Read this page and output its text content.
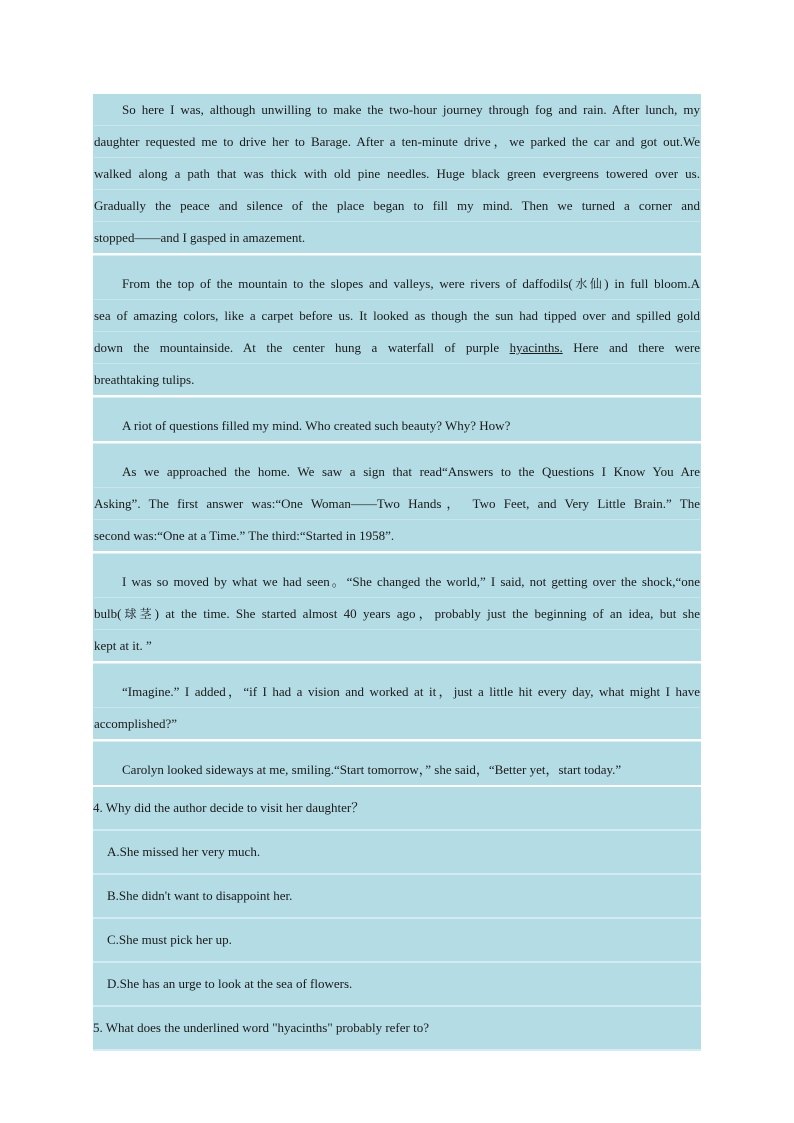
So here I was, although unwilling to make the two-hour journey through fog and rain. After lunch, my
daughter requested me to drive her to Barage. After a ten-minute drive，we parked the car and got out.We
walked along a path that was thick with old pine needles. Huge black green evergreens towered over us.
Gradually the peace and silence of the place began to fill my mind. Then we turned a corner and
stopped——and I gasped in amazement.
From the top of the mountain to the slopes and valleys, were rivers of daffodils(水仙) in full bloom.A
sea of amazing colors, like a carpet before us. It looked as though the sun had tipped over and spilled gold
down the mountainside. At the center hung a waterfall of purple hyacinths. Here and there were
breathtaking tulips.
A riot of questions filled my mind. Who created such beauty? Why? How?
As we approached the home. We saw a sign that read“Answers to the Questions I Know You Are
Asking”. The first answer was:“One Woman——Two Hands， Two Feet, and Very Little Brain.” The
second was:“One at a Time.” The third:“Started in 1958”.
I was so moved by what we had seen。“She changed the world,” I said, not getting over the shock,“one
bulb(球茎) at the time. She started almost 40 years ago，probably just the beginning of an idea, but she
kept at it. ”
“Imagine.” I added，“if I had a vision and worked at it，just a little hit every day, what might I have
accomplished?”
Carolyn looked sideways at me, smiling.“Start tomorrow，” she said，“Better yet，start today.”
4. Why did the author decide to visit her daughter？
A.She missed her very much.
B.She didn't want to disappoint her.
C.She must pick her up.
D.She has an urge to look at the sea of flowers.
5. What does the underlined word "hyacinths" probably refer to?
